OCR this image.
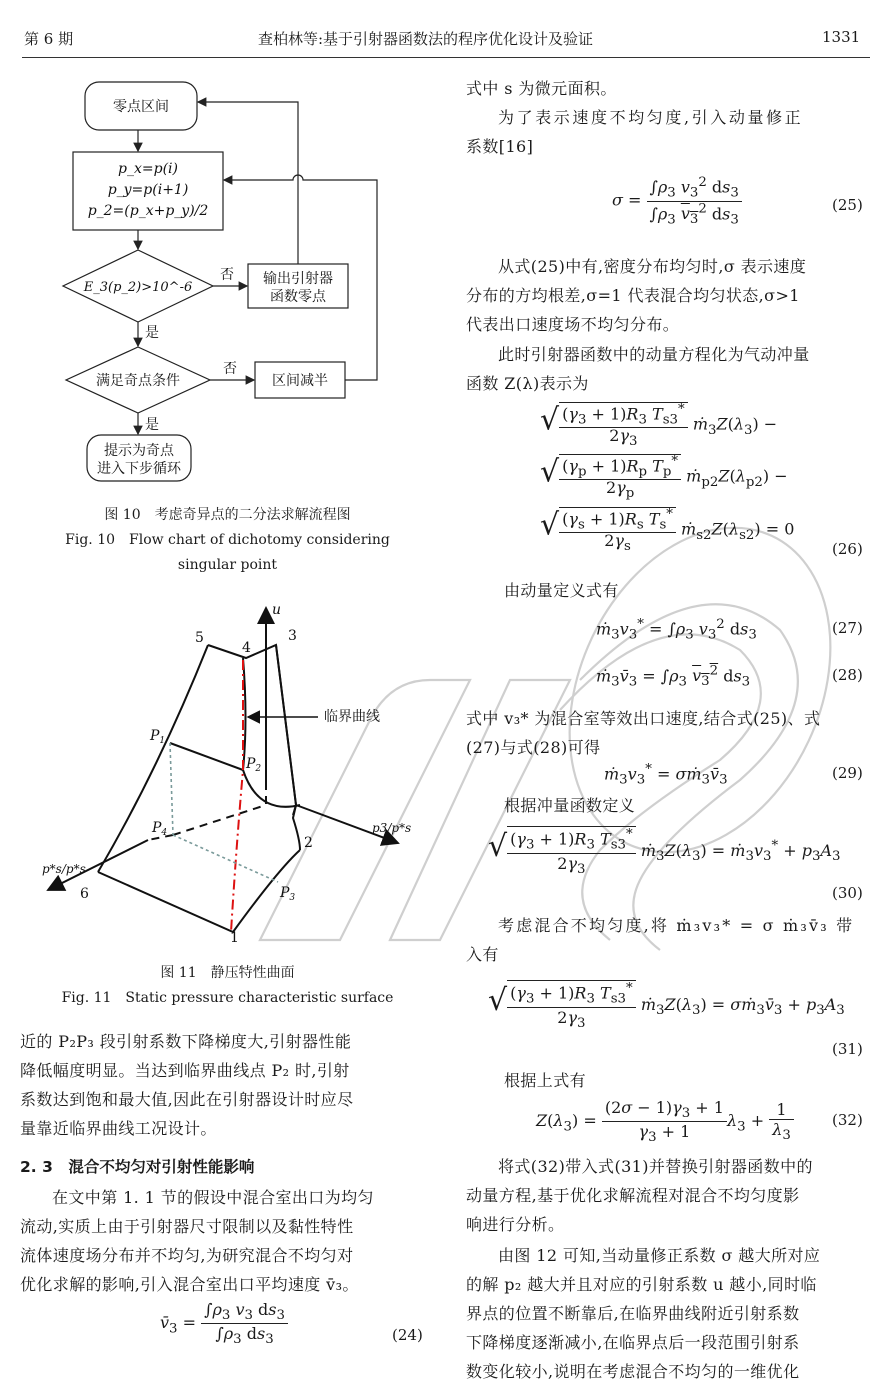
第 6 期	查柏林等:基于引射器函数法的程序优化设计及验证	1331
零点区间
p_x=p(i)
p_y=p(i+1)
p_2=(p_x+p_y)/2
E_3(p_2)>10^-6
输出引射器
函数零点
满足奇点条件	区间减半
提示为奇点
进入下步循环
否
是
否
是
图 10　考虑奇异点的二分法求解流程图
Fig. 10　Flow chart of dichotomy considering
singular point
1
2
3
4
5
6
$P_1$
$P_2$
$P_3$
$P_4$
u
p3/p*s
p*s/p*s
临界曲线
图 11　静压特性曲面
Fig. 11　Static pressure characteristic surface
近的 P₂P₃ 段引射系数下降梯度大,引射器性能
降低幅度明显。当达到临界曲线点 P₂ 时,引射
系数达到饱和最大值,因此在引射器设计时应尽
量靠近临界曲线工况设计。
2. 3　混合不均匀对引射性能影响
在文中第 1. 1 节的假设中混合室出口为均匀
流动,实质上由于引射器尺寸限制以及黏性特性
流体速度场分布并不均匀,为研究混合不均匀对
优化求解的影响,引入混合室出口平均速度 v̄₃。
$v̄_3 = \frac{\int\rho_3 v_3 ds_3}{\int\rho_3 ds_3}$	(24)
式中 s 为微元面积。
为了表示速度不均匀度,引入动量修正
系数[16]
$\sigma = \frac{\int\rho_3 v_3^2 ds_3}{\int\rho_3 v_3^2 ds_3}$	(25)
从式(25)中有,密度分布均匀时,σ 表示速度
分布的方均根差,σ=1 代表混合均匀状态,σ>1
代表出口速度场不均匀分布。
此时引射器函数中的动量方程化为气动冲量
函数 Z(λ)表示为
√ $\frac{(\gamma_3 + 1)R_3 T_{s3}^*}{2\gamma_3}$ $ṁ_3Z(\lambda_3)$ −
√ $\frac{(\gamma_p + 1)R_p T_p^*}{2\gamma_p}$ $ṁ_{p2}Z(\lambda_{p2})$ −
√ $\frac{(\gamma_s + 1)R_s T_s^*}{2\gamma_s}$ $ṁ_{s2}Z(\lambda_{s2}) = 0$
(26)
由动量定义式有
$ṁ_3v_3^* = \int\rho_3$ $v_3^2$ $ds_3$	(27)
$ṁ_3v̄_3 = \int\rho_3$ $v_3^2$ $ds_3$	(28)
式中 v₃* 为混合室等效出口速度,结合式(25)、式
(27)与式(28)可得
$ṁ_3v_3^*$ = $\sigma ṁ_3v̄_3$	(29)
根据冲量函数定义
√ $\frac{(\gamma_3 + 1)R_3 T_{s3}^*}{2\gamma_3}$ $ṁ_3Z(\lambda_3)$ = $ṁ_3v_3^* + p_3A_3$
(30)
考虑混合不均匀度,将 ṁ₃v₃* = σ ṁ₃v̄₃ 带
入有
√ $\frac{(\gamma_3 + 1)R_3 T_{s3}^*}{2\gamma_3}$ $ṁ_3Z(\lambda_3)$ = $\sigma ṁ_3v̄_3 + p_3A_3$
(31)
根据上式有
$Z(\lambda_3) = \frac{(2\sigma - 1)\gamma_3 + 1}{\gamma_3 + 1} \lambda_3 + \frac{1}{\lambda_3}$	(32)
将式(32)带入式(31)并替换引射器函数中的
动量方程,基于优化求解流程对混合不均匀度影
响进行分析。
由图 12 可知,当动量修正系数 σ 越大所对应
的解 p₂ 越大并且对应的引射系数 u 越小,同时临
界点的位置不断靠后,在临界曲线附近引射系数
下降梯度逐渐减小,在临界点后一段范围引射系
数变化较小,说明在考虑混合不均匀的一维优化
